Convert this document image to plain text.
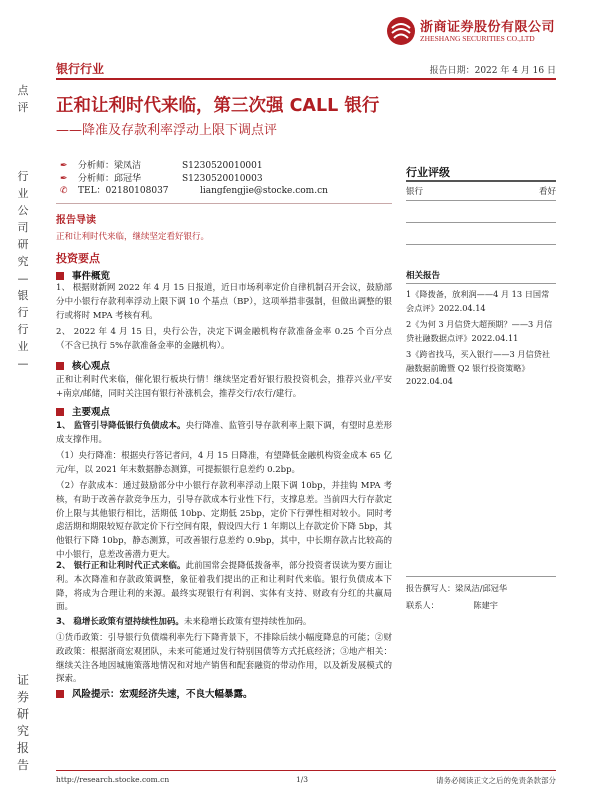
浙商证券股份有限公司
ZHESHANG SECURITIES CO.,LTD
银行行业	报告日期：2022 年 4 月 16 日
点
评
行
业
公
司
研
究
—
银
行
行
业
—
证
券
研
究
报
告
正和让利时代来临，第三次强 CALL 银行
——降准及存款利率浮动上限下调点评
✒	分析师：梁凤洁	S1230520010001
✒	分析师：邱冠华	S1230520010003
✆	TEL：02180108037	liangfengjie@stocke.com.cn
报告导读
正和让利时代来临，继续坚定看好银行。
投资要点
事件概览
1、 根据财新网 2022 年 4 月 15 日报道，近日市场利率定价自律机制召开会议，鼓励部分中小银行存款利率浮动上限下调 10 个基点（BP），这项举措非强制，但做出调整的银行或将时 MPA 考核有利。
2、 2022 年 4 月 15 日，央行公告，决定下调金融机构存款准备金率 0.25 个百分点（不含已执行 5%存款准备金率的金融机构）。
核心观点
正和让利时代来临，催化银行板块行情！继续坚定看好银行股投资机会，推荐兴业/平安+南京/邮储，同时关注国有银行补涨机会，推荐交行/农行/建行。
主要观点
1、 监管引导降低银行负债成本。央行降准、监管引导存款利率上限下调，有望时息差形成支撑作用。
（1）央行降准：根据央行答记者问，4 月 15 日降准，有望降低金融机构资金成本 65 亿元/年，以 2021 年末数据静态测算，可提振银行息差约 0.2bp。
（2）存款成本：通过鼓励部分中小银行存款利率浮动上限下调 10bp，并挂钩 MPA 考核，有助于改善存款竞争压力，引导存款成本行业性下行，支撑息差。当前四大行存款定价上限与其他银行相比，活期低 10bp、定期低 25bp，定价下行弹性相对较小。同时考虑活期和期限较短存款定价下行空间有限，假设四大行 1 年期以上存款定价下降 5bp，其他银行下降 10bp，静态测算，可改善银行息差约 0.9bp，其中，中长期存款占比较高的中小银行，息差改善潜力更大。
2、 银行正和让利时代正式来临。此前国常会提降低拨备率，部分投资者误读为要方面让利。本次降准和存款政策调整，象征着我们提出的正和让利时代来临。银行负债成本下降，将成为合理让利的来源。最终实现银行有利润、实体有支持、财政有分红的共赢局面。
3、 稳增长政策有望持续性加码。未来稳增长政策有望持续性加码。
①货币政策：引导银行负债端利率先行下降背景下，不排除后续小幅度降息的可能；②财政政策：根据浙商宏观团队，未来可能通过发行特别国债等方式托底经济；③地产相关：继续关注各地因城施策落地情况和对地产销售和配套融资的带动作用，以及新发展模式的探索。
风险提示：宏观经济失速，不良大幅暴露。
行业评级
银行	看好
相关报告
1《降拨备，放利润——4 月 13 日国常会点评》2022.04.14
2《为何 3 月信贷大超预期？——3 月信贷社融数据点评》2022.04.11
3《跨省找马，买入银行——3 月信贷社融数据前瞻暨 Q2 银行投资策略》2022.04.04
报告撰写人：梁凤洁/邱冠华
联系人：	陈建宇
http://research.stocke.com.cn	1/3	请务必阅读正文之后的免责条款部分
